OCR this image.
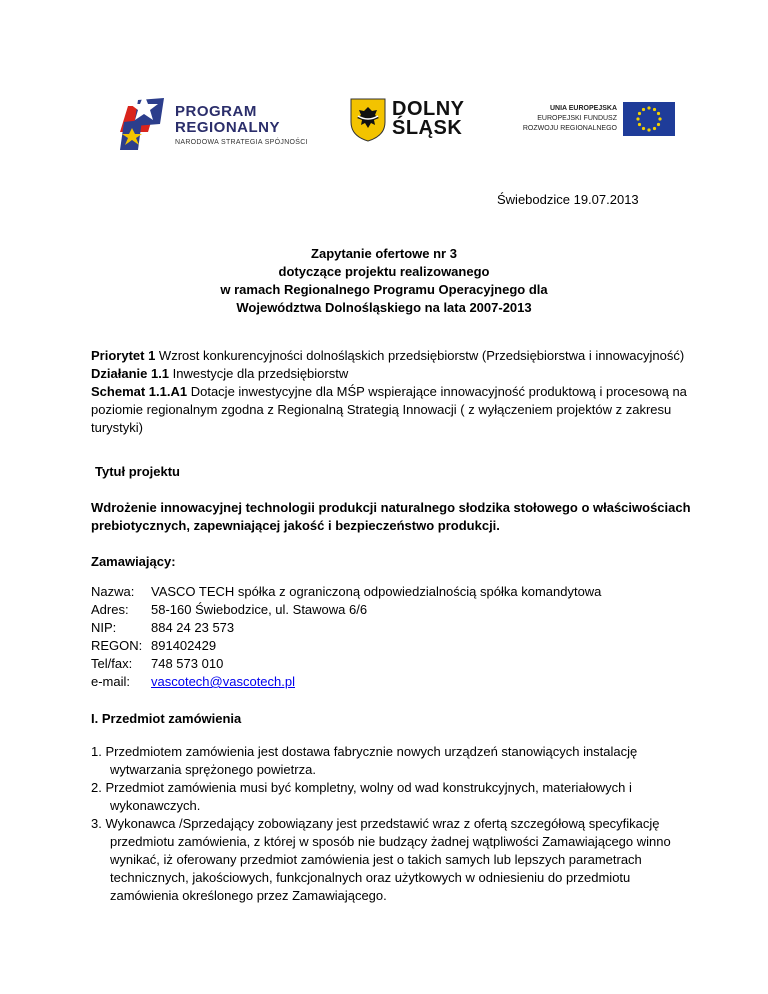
PROGRAM
REGIONALNY
NARODOWA STRATEGIA SPÓJNOŚCI
DOLNY
ŚLĄSK
UNIA EUROPEJSKA
EUROPEJSKI FUNDUSZ
ROZWOJU REGIONALNEGO
Świebodzice 19.07.2013
Zapytanie ofertowe nr 3
dotyczące projektu realizowanego
w ramach Regionalnego Programu Operacyjnego dla
Województwa Dolnośląskiego na lata 2007-2013
Priorytet 1 Wzrost konkurencyjności dolnośląskich przedsiębiorstw (Przedsiębiorstwa i innowacyjność)
Działanie 1.1 Inwestycje dla przedsiębiorstw
Schemat 1.1.A1 Dotacje inwestycyjne dla MŚP wspierające innowacyjność produktową i procesową na
poziomie regionalnym zgodna z Regionalną Strategią Innowacji ( z wyłączeniem projektów z zakresu
turystyki)
Tytuł projektu
Wdrożenie innowacyjnej technologii produkcji naturalnego słodzika stołowego o właściwościach
prebiotycznych, zapewniającej jakość i bezpieczeństwo produkcji.
Zamawiający:
Nazwa: VASCO TECH spółka z ograniczoną odpowiedzialnością spółka komandytowa
Adres: 58-160 Świebodzice, ul. Stawowa 6/6
NIP:	884 24 23 573
REGON: 891402429
Tel/fax: 748 573 010
e-mail: vascotech@vascotech.pl
I. Przedmiot zamówienia
1. Przedmiotem zamówienia jest dostawa fabrycznie nowych urządzeń stanowiących instalację
wytwarzania sprężonego powietrza.
2. Przedmiot zamówienia musi być kompletny, wolny od wad konstrukcyjnych, materiałowych i
wykonawczych.
3. Wykonawca /Sprzedający zobowiązany jest przedstawić wraz z ofertą szczegółową specyfikację
przedmiotu zamówienia, z której w sposób nie budzący żadnej wątpliwości Zamawiającego winno
wynikać, iż oferowany przedmiot zamówienia jest o takich samych lub lepszych parametrach
technicznych, jakościowych, funkcjonalnych oraz użytkowych w odniesieniu do przedmiotu
zamówienia określonego przez Zamawiającego.
